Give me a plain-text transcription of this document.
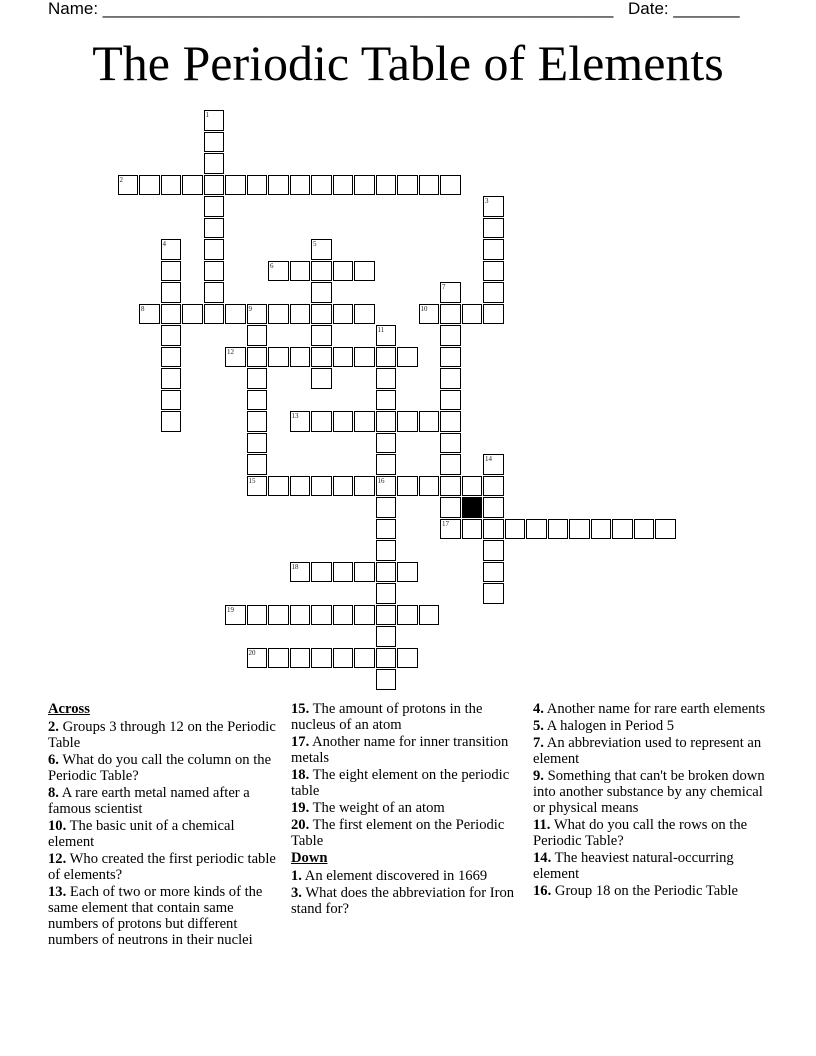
Name: ______________________________________________________ Date: _______
The Periodic Table of Elements
1
2
3
4	5
6
7
8	9	10
11
12
13
14
15	16
17
18
19
20
Across
2. Groups 3 through 12 on the Periodic Table
6. What do you call the column on the Periodic Table?
8. A rare earth metal named after a famous scientist
10. The basic unit of a chemical element
12. Who created the first periodic table of elements?
13. Each of two or more kinds of the same element that contain same numbers of protons but different numbers of neutrons in their nuclei
15. The amount of protons in the nucleus of an atom
17. Another name for inner transition metals
18. The eight element on the periodic table
19. The weight of an atom
20. The first element on the Periodic Table
Down
1. An element discovered in 1669
3. What does the abbreviation for Iron stand for?
4. Another name for rare earth elements
5. A halogen in Period 5
7. An abbreviation used to represent an element
9. Something that can't be broken down into another substance by any chemical or physical means
11. What do you call the rows on the Periodic Table?
14. The heaviest natural-occurring element
16. Group 18 on the Periodic Table
